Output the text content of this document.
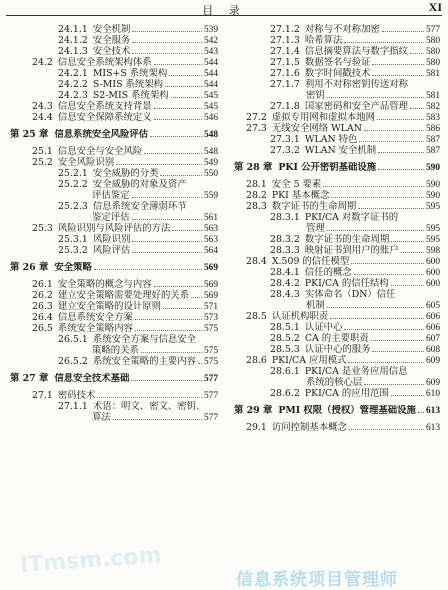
目 录	XI
ITmsm.com
24.1.1 安全机制	539
24.1.2 安全服务	542
24.1.3 安全技术	543
24.2 信息安全系统架构体系	544
24.2.1 MIS+S 系统架构	544
24.2.2 S-MIS 系统架构	544
24.2.3 S2-MIS 系统架构	545
24.3 信息安全系统支持背景	545
24.4 信息安全保障系统定义	546
第 25 章 信息系统安全风险评估	548
25.1 信息安全与安全风险	548
25.2 安全风险识别	549
25.2.1 安全威胁的分类	550
25.2.2 安全威胁的对象及资产
评估鉴定	559
25.2.3 信息系统安全薄弱环节
鉴定评估	561
25.3 风险识别与风险评估的方法	563
25.3.1 风险识别	563
25.3.2 风险评估	564
第 26 章 安全策略	569
26.1 安全策略的概念与内容	569
26.2 建立安全策略需要处理好的关系 569
26.3 建立安全策略的设计原则	571
26.4 信息系统安全方案	573
26.5 系统安全策略内容	575
26.5.1 系统安全方案与信息安全
策略的关系	575
26.5.2 系统安全策略的主要内容 575
第 27 章 信息安全技术基础	577
27.1 密码技术	577
27.1.1 术语：明文、密文、密钥、
算法	577
27.1.2 对称与不对称加密	577
27.1.3 哈希算法	580
27.1.4 信息摘要算法与数字指纹 580
27.1.5 数据签名与验证	580
27.1.6 数字时间戳技术	581
27.1.7 利用不对称密钥传送对称
密钥	581
27.1.8 国家密码和安全产品管理 582
27.2 虚拟专用网和虚拟本地网	583
27.3 无线安全网络 WLAN	586
27.3.1 WLAN 特色	587
27.3.2 WLAN 安全机制	587
第 28 章 PKI 公开密钥基础设施	590
28.1 安全 5 要素	590
28.2 PKI 基本概念	590
28.3 数字证书的生命周期	595
28.3.1 PKI/CA 对数字证书的
管理	595
28.3.2 数字证书的生命周期	595
28.3.3 映射证书到用户的账户	598
28.4 X.509 的信任模型	600
28.4.1 信任的概念	600
28.4.2 PKI/CA 的信任结构	600
28.4.3 实体命名（DN）信任
机制	605
28.5 认证机构职责	606
28.5.1 认证中心	606
28.5.2 CA 的主要职责	607
28.5.3 认证中心的服务	608
28.6 PKI/CA 应用模式	609
28.6.1 PKI/CA 是业务应用信息
系统的核心层	609
28.6.2 PKI/CA 的应用范围	610
第 29 章 PMI 权限（授权）管理基础设施 613
29.1 访问控制基本概念	613
信息系统项目管理师
